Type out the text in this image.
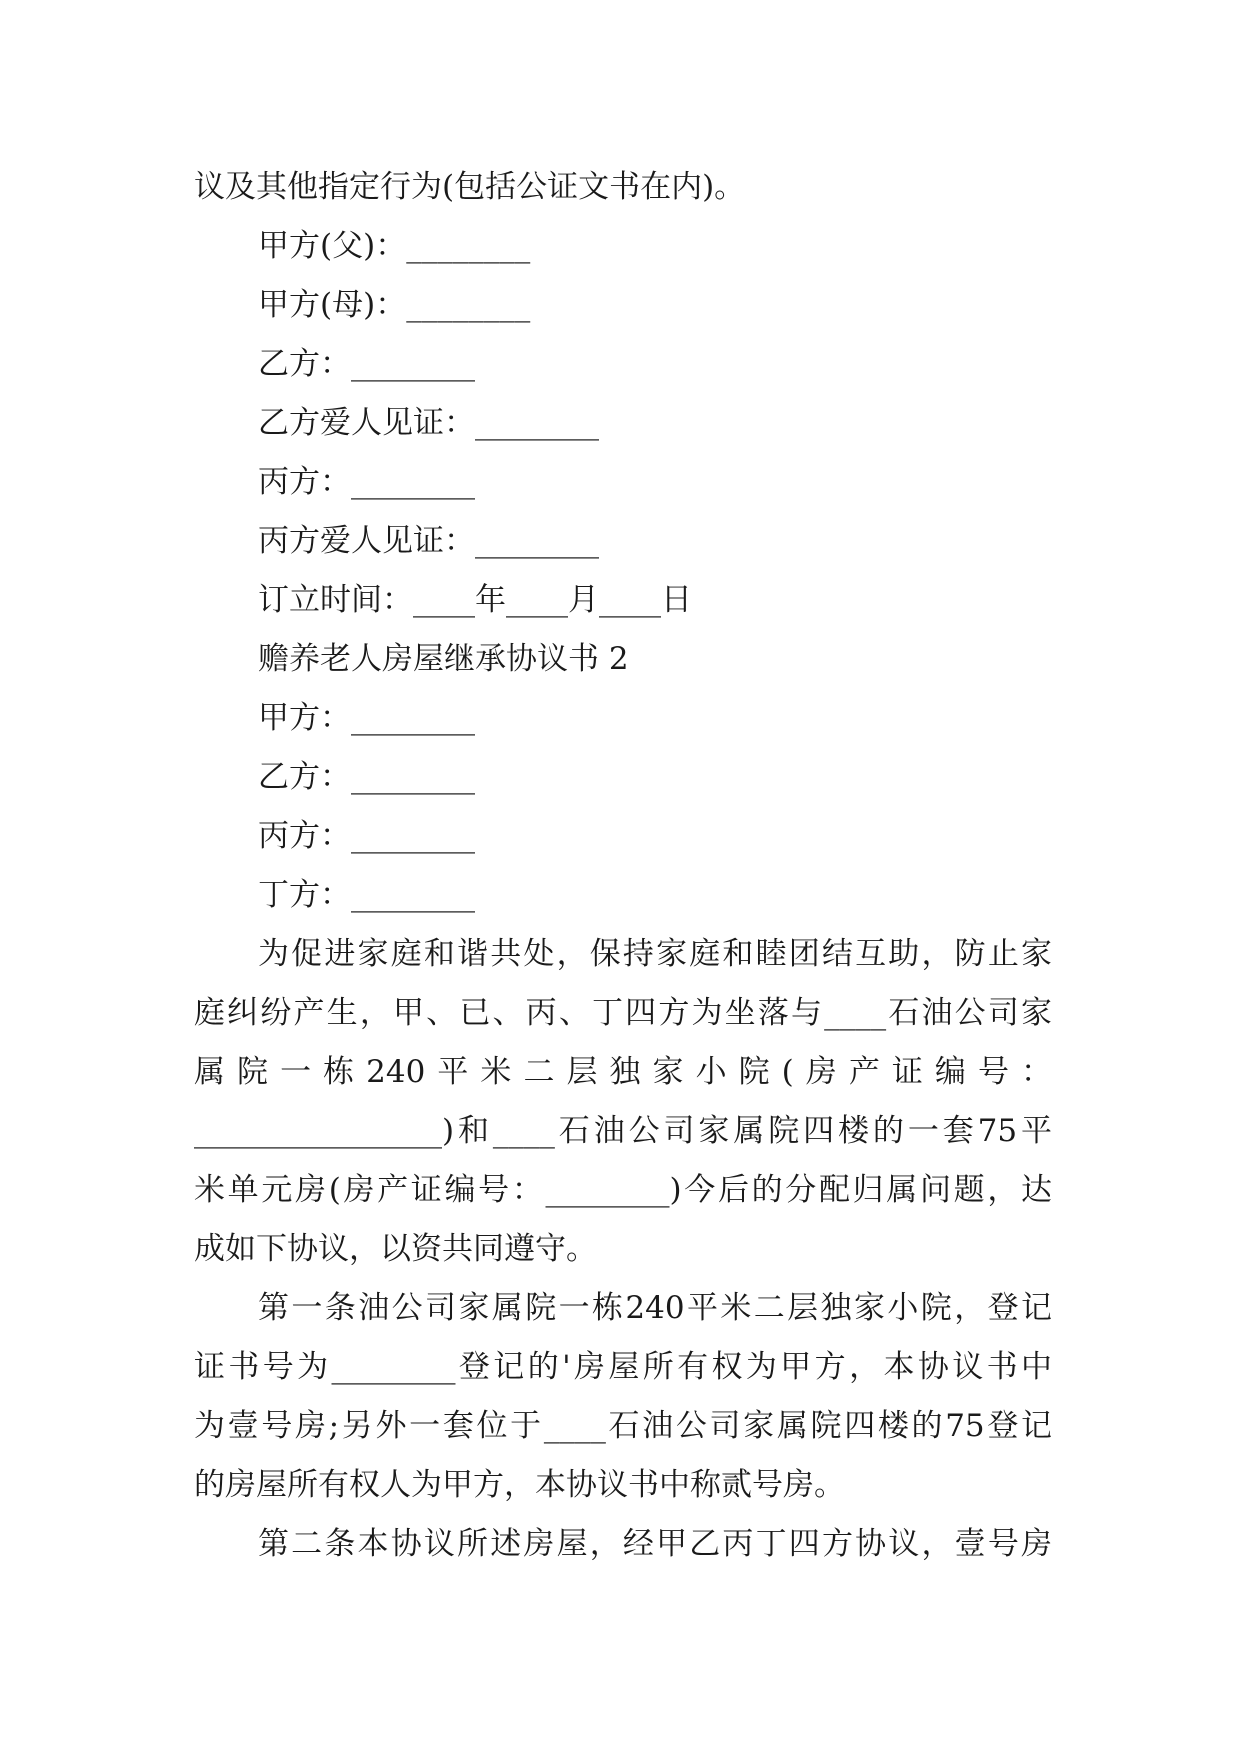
议及其他指定行为(包括公证文书在内)。
甲方(父)：________
甲方(母)：________
乙方：________
乙方爱人见证：________
丙方：________
丙方爱人见证：________
订立时间：____年____月____日
赡养老人房屋继承协议书 2
甲方：________
乙方：________
丙方：________
丁方：________
为促进家庭和谐共处，保持家庭和睦团结互助，防止家
庭纠纷产生，甲、已、丙、丁四方为坐落与____石油公司家
属院一栋240平米二层独家小院(房产证编号：
________________)和____石油公司家属院四楼的一套75平
米单元房(房产证编号：________)今后的分配归属问题，达
成如下协议，以资共同遵守。
第一条油公司家属院一栋240平米二层独家小院，登记
证书号为________登记的'房屋所有权为甲方，本协议书中
为壹号房;另外一套位于____石油公司家属院四楼的75登记
的房屋所有权人为甲方，本协议书中称贰号房。
第二条本协议所述房屋，经甲乙丙丁四方协议，壹号房
